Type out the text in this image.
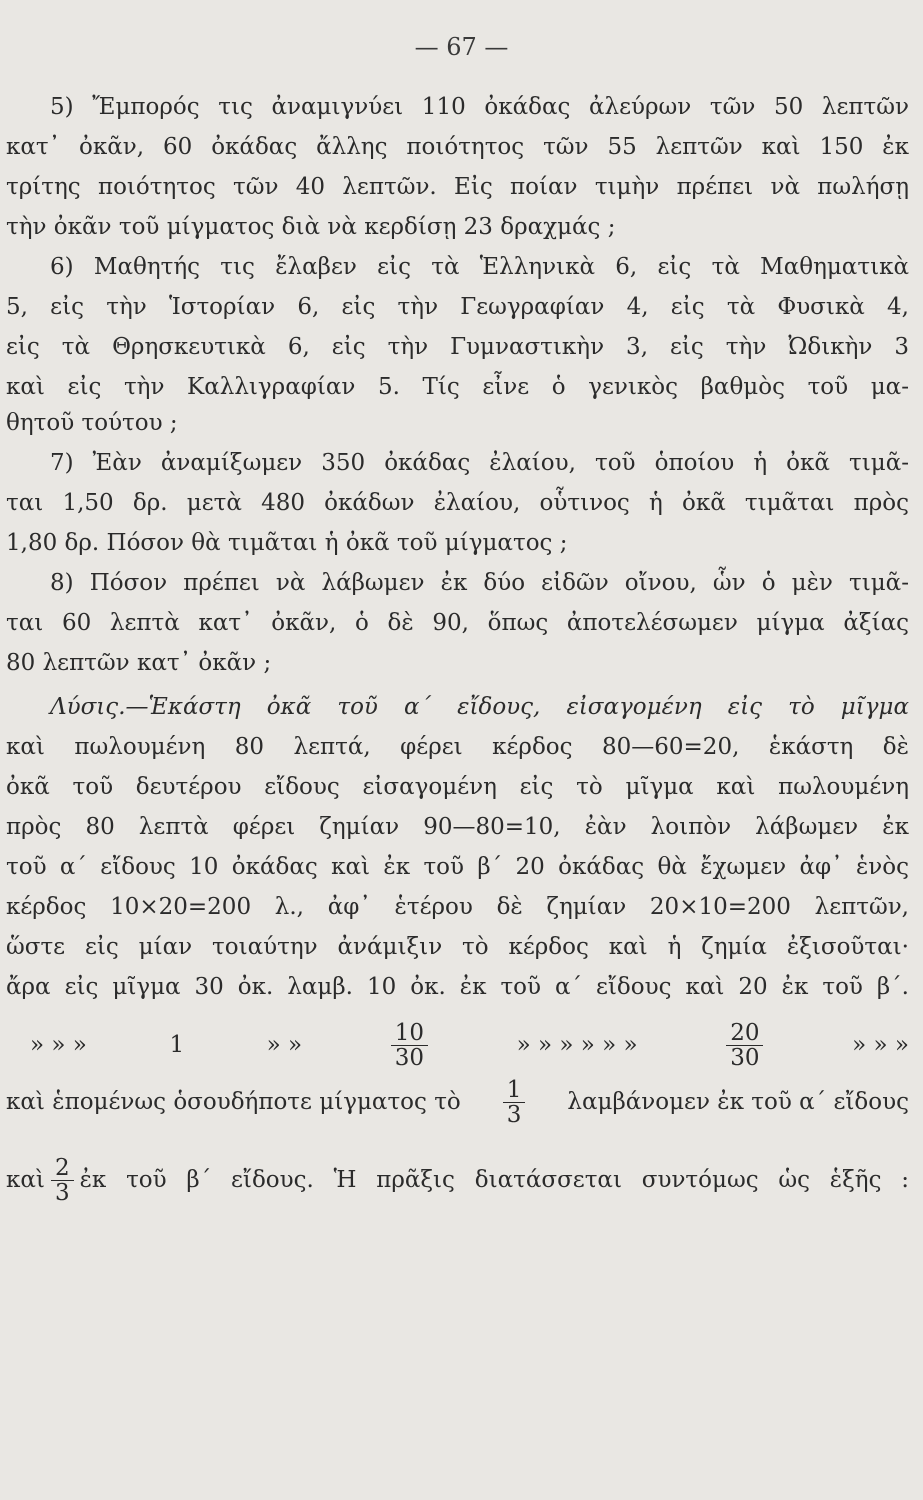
— 67 —
5) Ἔμπορός τις ἀναμιγνύει 110 ὀκάδας ἀλεύρων τῶν 50 λεπτῶν
κατ᾿ ὀκᾶν, 60 ὀκάδας ἄλλης ποιότητος τῶν 55 λεπτῶν καὶ 150 ἐκ
τρίτης ποιότητος τῶν 40 λεπτῶν. Εἰς ποίαν τιμὴν πρέπει νὰ πωλήσῃ
τὴν ὀκᾶν τοῦ μίγματος διὰ νὰ κερδίσῃ 23 δραχμάς ;
6) Μαθητής τις ἔλαβεν εἰς τὰ Ἑλληνικὰ 6, εἰς τὰ Μαθηματικὰ
5, εἰς τὴν Ἱστορίαν 6, εἰς τὴν Γεωγραφίαν 4, εἰς τὰ Φυσικὰ 4,
εἰς τὰ Θρησκευτικὰ 6, εἰς τὴν Γυμναστικὴν 3, εἰς τὴν Ὠδικὴν 3
καὶ εἰς τὴν Καλλιγραφίαν 5. Τίς εἶνε ὁ γενικὸς βαθμὸς τοῦ μα-
θητοῦ τούτου ;
7) Ἐὰν ἀναμίξωμεν 350 ὀκάδας ἐλαίου, τοῦ ὁποίου ἡ ὀκᾶ τιμᾶ-
ται 1,50 δρ. μετὰ 480 ὀκάδων ἐλαίου, οὗτινος ἡ ὀκᾶ τιμᾶται πρὸς
1,80 δρ. Πόσον θὰ τιμᾶται ἡ ὀκᾶ τοῦ μίγματος ;
8) Πόσον πρέπει νὰ λάβωμεν ἐκ δύο εἰδῶν οἴνου, ὧν ὁ μὲν τιμᾶ-
ται 60 λεπτὰ κατ᾿ ὀκᾶν, ὁ δὲ 90, ὅπως ἀποτελέσωμεν μίγμα ἀξίας
80 λεπτῶν κατ᾿ ὀκᾶν ;
Λύσις.—Ἑκάστη ὀκᾶ τοῦ α΄ εἴδους, εἰσαγομένη εἰς τὸ μῖγμα
καὶ πωλουμένη 80 λεπτά, φέρει κέρδος 80—60=20, ἑκάστη δὲ
ὀκᾶ τοῦ δευτέρου εἴδους εἰσαγομένη εἰς τὸ μῖγμα καὶ πωλουμένη
πρὸς 80 λεπτὰ φέρει ζημίαν 90—80=10, ἐὰν λοιπὸν λάβωμεν ἐκ
τοῦ α΄ εἴδους 10 ὀκάδας καὶ ἐκ τοῦ β΄ 20 ὀκάδας θὰ ἔχωμεν ἀφ᾿ ἑνὸς
κέρδος 10×20=200 λ., ἀφ᾿ ἑτέρου δὲ ζημίαν 20×10=200 λεπτῶν,
ὥστε εἰς μίαν τοιαύτην ἀνάμιξιν τὸ κέρδος καὶ ἡ ζημία ἐξισοῦται·
ἄρα εἰς μῖγμα 30 ὀκ. λαμβ. 10 ὀκ. ἐκ τοῦ α΄ εἴδους καὶ 20 ἐκ τοῦ β΄.
» » »	1	» »	$\frac{10}{30}$	» » » » » »	$\frac{20}{30}$	» » »
καὶ ἑπομένως ὁσουδήποτε μίγματος τὸ $\frac{1}{3}$ λαμβάνομεν ἐκ τοῦ α΄ εἴδους
καὶ $\frac{2}{3}$ ἐκ τοῦ β΄ εἴδους. Ἡ πρᾶξις διατάσσεται συντόμως ὡς ἑξῆς :
